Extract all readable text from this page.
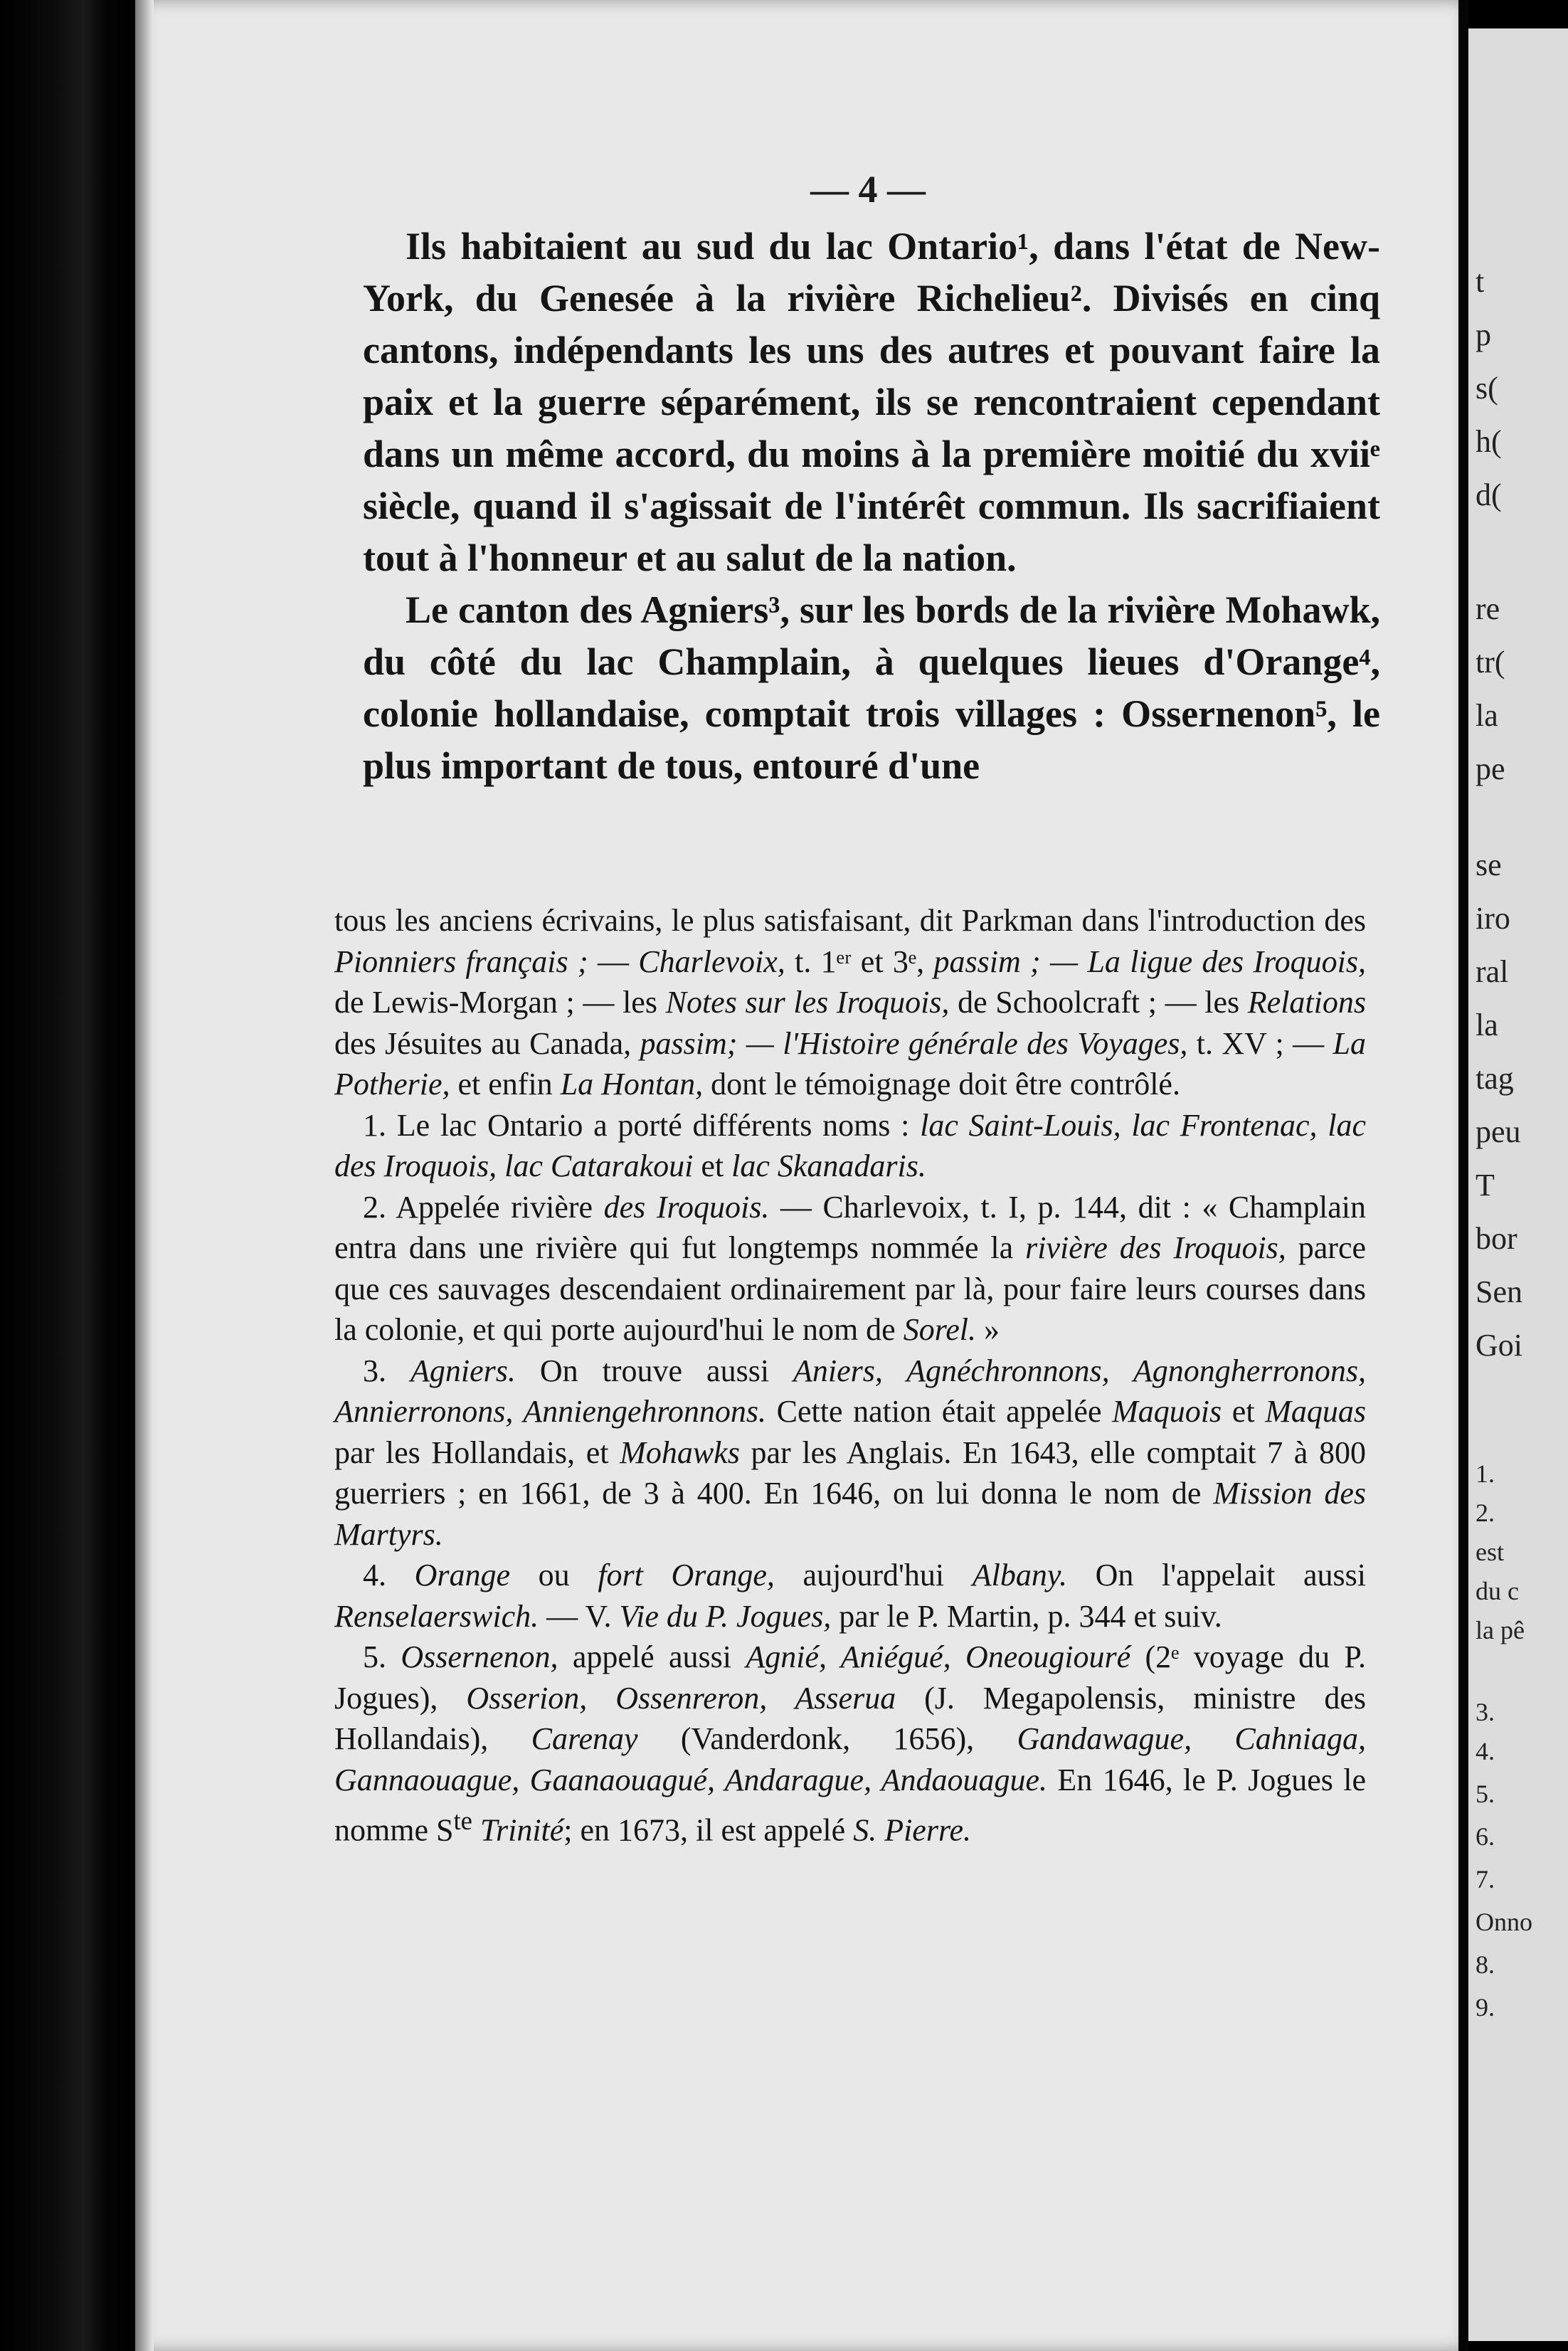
t
p
s(
h(
d(
re
tr(
la
pe
se
iro
ral
la
tag
peu
T
bor
Sen
Goi
1.
2.
est
du c
la pê
3.
4.
5.
6.
7.
Onno
8.
9.
— 4 —

Ils habitaient au sud du lac Ontario¹, dans l'état de New-York, du Genesée à la rivière Richelieu². Divisés en cinq cantons, indépendants les uns des autres et pouvant faire la paix et la guerre séparément, ils se rencontraient cependant dans un même accord, du moins à la première moitié du xviiᵉ siècle, quand il s'agissait de l'intérêt commun. Ils sacrifiaient tout à l'honneur et au salut de la nation.

Le canton des Agniers³, sur les bords de la rivière Mohawk, du côté du lac Champlain, à quelques lieues d'Orange⁴, colonie hollandaise, comptait trois villages : Ossernenon⁵, le plus important de tous, entouré d'une

tous les anciens écrivains, le plus satisfaisant, dit Parkman dans l'introduction des Pionniers français ; — Charlevoix, t. 1ᵉʳ et 3ᵉ, passim ; — La ligue des Iroquois, de Lewis-Morgan ; — les Notes sur les Iroquois, de Schoolcraft ; — les Relations des Jésuites au Canada, passim; — l'Histoire générale des Voyages, t. XV ; — La Potherie, et enfin La Hontan, dont le témoignage doit être contrôlé.

1. Le lac Ontario a porté différents noms : lac Saint-Louis, lac Frontenac, lac des Iroquois, lac Catarakoui et lac Skanadaris.

2. Appelée rivière des Iroquois. — Charlevoix, t. I, p. 144, dit : « Champlain entra dans une rivière qui fut longtemps nommée la rivière des Iroquois, parce que ces sauvages descendaient ordinairement par là, pour faire leurs courses dans la colonie, et qui porte aujourd'hui le nom de Sorel. »

3. Agniers. On trouve aussi Aniers, Agnéchronnons, Agnongherronons, Annierronons, Anniengehronnons. Cette nation était appelée Maquois et Maquas par les Hollandais, et Mohawks par les Anglais. En 1643, elle comptait 7 à 800 guerriers ; en 1661, de 3 à 400. En 1646, on lui donna le nom de Mission des Martyrs.

4. Orange ou fort Orange, aujourd'hui Albany. On l'appelait aussi Renselaerswich. — V. Vie du P. Jogues, par le P. Martin, p. 344 et suiv.

5. Ossernenon, appelé aussi Agnié, Aniégué, Oneougiouré (2ᵉ voyage du P. Jogues), Osserion, Ossenreron, Asserua (J. Megapolensis, ministre des Hollandais), Carenay (Vanderdonk, 1656), Gandawague, Cahniaga, Gannaouague, Gaanaouagué, Andarague, Andaouague. En 1646, le P. Jogues le nomme $S^{te}$ Trinité; en 1673, il est appelé S. Pierre.
